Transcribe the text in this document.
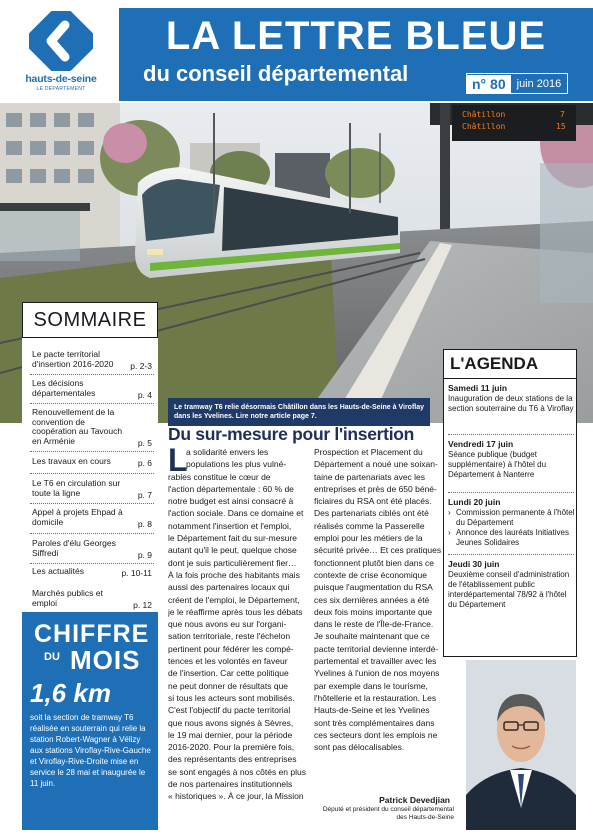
hauts-de-seine
LE DÉPARTEMENT
LA LETTRE BLEUE
du conseil départemental	n° 80	juin 2016
Châtillon	7
Châtillon	15
Le tramway T6 relie désormais Châtillon dans les Hauts-de-Seine à Viroflay dans les Yvelines. Lire notre article page 7.
SOMMAIRE
Le pacte territorial d'insertion 2016-2020	p. 2-3
Les décisions départementales	p. 4
Renouvellement de la convention de coopération au Tavouch en Arménie	p. 5
Les travaux en cours	p. 6
Le T6 en circulation sur toute la ligne	p. 7
Appel à projets Ehpad à domicile	p. 8
Paroles d'élu Georges Siffredi	p. 9
Les actualités	p. 10-11
Marchés publics et emploi	p. 12
CHIFFRE
DU MOIS
1,6 km
soit la section de tramway T6 réalisée en souterrain qui relie la station Robert-Wagner à Vélizy aux stations Viroflay-Rive-Gauche et Viroflay-Rive-Droite mise en service le 28 mai et inaugurée le 11 juin.
Du sur-mesure pour l'insertion
L
a solidarité envers les
populations les plus vulné-
rables constitue le cœur de
l'action départementale : 60 % de
notre budget est ainsi consacré à
l'action sociale. Dans ce domaine et
notamment l'insertion et l'emploi,
le Département fait du sur-mesure
autant qu'il le peut, quelque chose
dont je suis particulièrement fier…
À la fois proche des habitants mais
aussi des partenaires locaux qui
créent de l'emploi, le Département,
je le réaffirme après tous les débats
que nous avons eu sur l'organi-
sation territoriale, reste l'échelon
pertinent pour fédérer les compé-
tences et les volontés en faveur
de l'insertion. Car cette politique
ne peut donner de résultats que
si tous les acteurs sont mobilisés.
C'est l'objectif du pacte territorial
que nous avons signés à Sèvres,
le 19 mai dernier, pour la période
2016-2020. Pour la première fois,
des représentants des entreprises
se sont engagés à nos côtés en plus
de nos partenaires institutionnels
« historiques ». À ce jour, la Mission
Prospection et Placement du
Département a noué une soixan-
taine de partenariats avec les
entreprises et près de 650 béné-
ficiaires du RSA ont été placés.
Des partenariats ciblés ont été
réalisés comme la Passerelle
emploi pour les métiers de la
sécurité privée… Et ces pratiques
fonctionnent plutôt bien dans ce
contexte de crise économique
puisque l'augmentation du RSA
ces six dernières années a été
deux fois moins importante que
dans le reste de l'Île-de-France.
Je souhaite maintenant que ce
pacte territorial devienne interdé-
partemental et travailler avec les
Yvelines à l'union de nos moyens
par exemple dans le tourisme,
l'hôtellerie et la restauration. Les
Hauts-de-Seine et les Yvelines
sont très complémentaires dans
ces secteurs dont les emplois ne
sont pas délocalisables.
Patrick Devedjian
Député et président du conseil départemental des Hauts-de-Seine
L'AGENDA
Samedi 11 juin
Inauguration de deux stations de la section souterraine du T6 à Viroflay
Vendredi 17 juin
Séance publique (budget supplémentaire) à l'hôtel du Département à Nanterre
Lundi 20 juin
› Commission permanente à l'hôtel du Département
› Annonce des lauréats Initiatives Jeunes Solidaires
Jeudi 30 juin
Deuxième conseil d'administration de l'établissement public interdépartemental 78/92 à l'hôtel du Département
